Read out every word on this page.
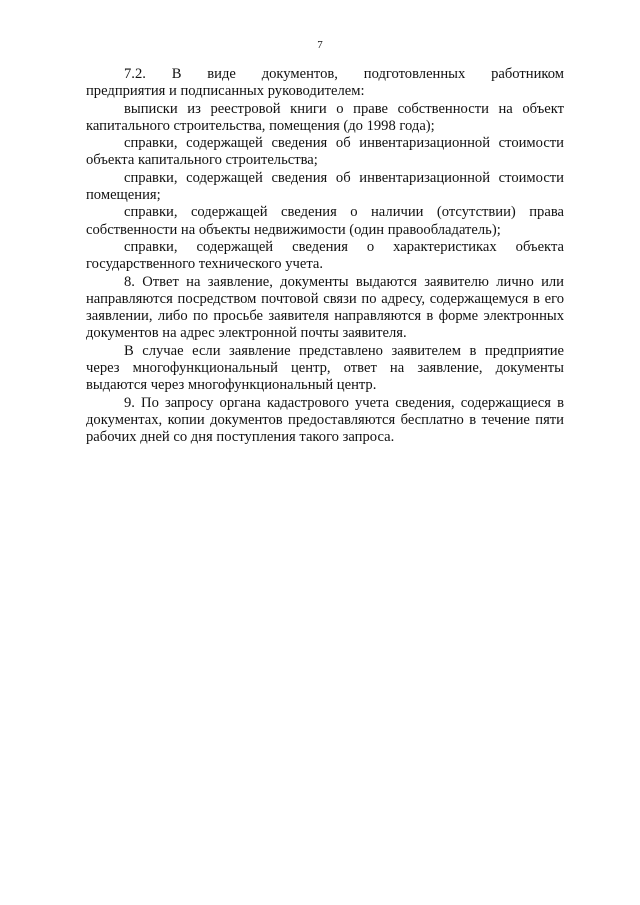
7

7.2. В виде документов, подготовленных работником

предприятия и подписанных руководителем:

выписки из реестровой книги о праве собственности на объект капитального строительства, помещения (до 1998 года);

справки, содержащей сведения об инвентаризационной стоимости объекта капитального строительства;

справки, содержащей сведения об инвентаризационной стоимости помещения;

справки, содержащей сведения о наличии (отсутствии) права собственности на объекты недвижимости (один правообладатель);

справки, содержащей сведения о характеристиках объекта государственного технического учета.

8. Ответ на заявление, документы выдаются заявителю лично или направляются посредством почтовой связи по адресу, содержащемуся в его заявлении, либо по просьбе заявителя направляются в форме электронных документов на адрес электронной почты заявителя.

В случае если заявление представлено заявителем в предприятие через многофункциональный центр, ответ на заявление, документы выдаются через многофункциональный центр.

9. По запросу органа кадастрового учета сведения, содержащиеся в документах, копии документов предоставляются бесплатно в течение пяти рабочих дней со дня поступления такого запроса.
